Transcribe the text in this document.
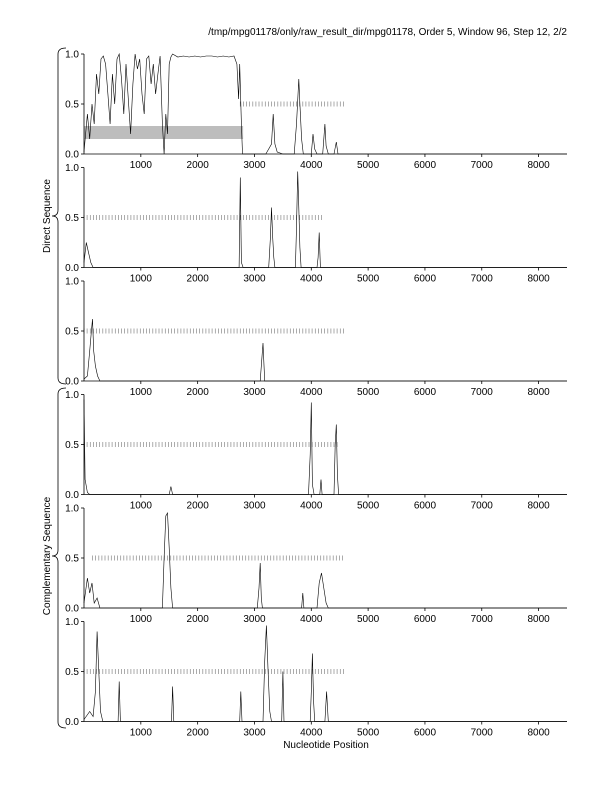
/tmp/mpg01178/only/raw_result_dir/mpg01178, Order 5, Window 96, Step 12, 2/2
0.0
0.5
1.0
1000	2000	3000	4000	5000	6000	7000	8000
0.0
0.5
1.0
1000	2000	3000	4000	5000	6000	7000	8000
0.0
0.5
1.0
1000	2000	3000	4000	5000	6000	7000	8000
0.0
0.5
1.0
1000	2000	3000	4000	5000	6000	7000	8000
0.0
0.5
1.0
1000	2000	3000	4000	5000	6000	7000	8000
0.0
0.5
1.0
1000	2000	3000	4000	5000	6000	7000	8000
Direct Sequence
Complementary Sequence
Nucleotide Position
